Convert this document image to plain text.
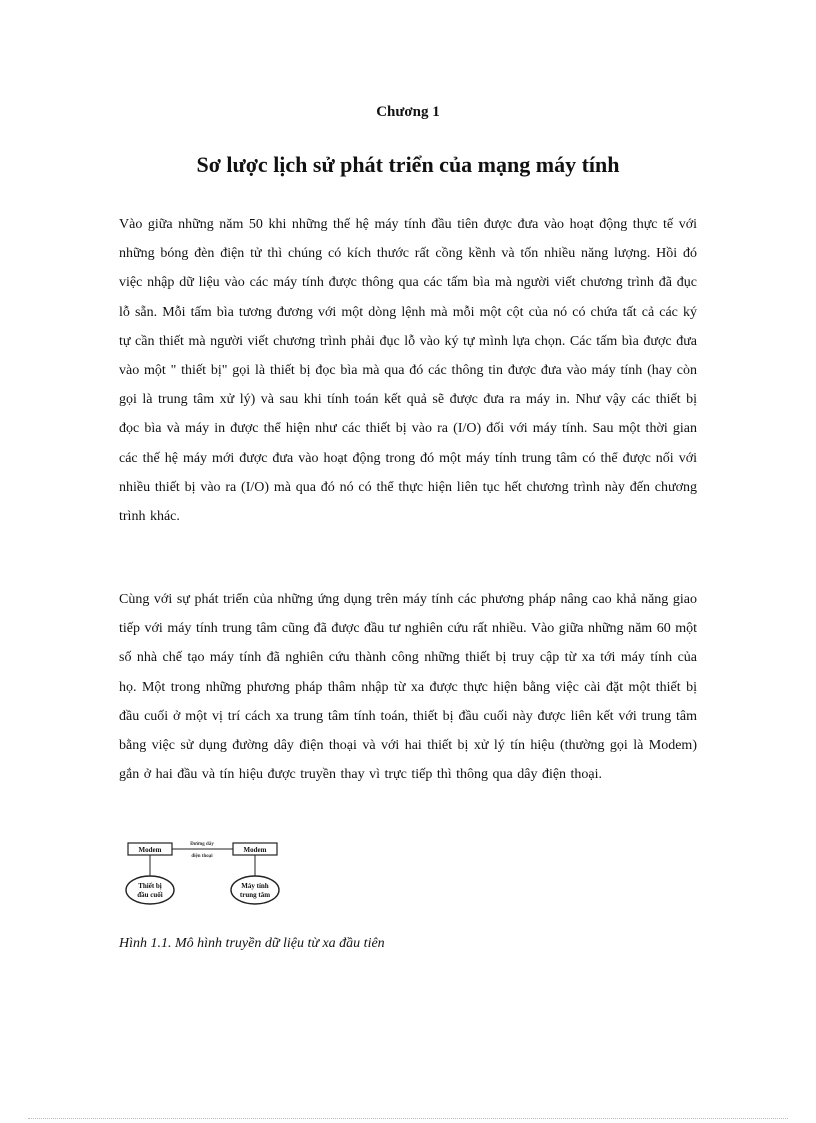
Chương 1

Sơ lược lịch sử phát triển của mạng máy tính

Vào giữa những năm 50 khi những thế hệ máy tính đầu tiên được đưa vào hoạt động thực tế với những bóng đèn điện tử thì chúng có kích thước rất cồng kềnh và tốn nhiều năng lượng. Hồi đó việc nhập dữ liệu vào các máy tính được thông qua các tấm bìa mà người viết chương trình đã đục lỗ sẵn. Mỗi tấm bìa tương đương với một dòng lệnh mà mỗi một cột của nó có chứa tất cả các ký tự cần thiết mà người viết chương trình phải đục lỗ vào ký tự mình lựa chọn. Các tấm bìa được đưa vào một " thiết bị" gọi là thiết bị đọc bìa mà qua đó các thông tin được đưa vào máy tính (hay còn gọi là trung tâm xử lý) và sau khi tính toán kết quả sẽ được đưa ra máy in. Như vậy các thiết bị đọc bìa và máy in được thể hiện như các thiết bị vào ra (I/O) đối với máy tính. Sau một thời gian các thế hệ máy mới được đưa vào hoạt động trong đó một máy tính trung tâm có thể được nối với nhiều thiết bị vào ra (I/O) mà qua đó nó có thể thực hiện liên tục hết chương trình này đến chương trình khác.

Cùng với sự phát triển của những ứng dụng trên máy tính các phương pháp nâng cao khả năng giao tiếp với máy tính trung tâm cũng đã được đầu tư nghiên cứu rất nhiều. Vào giữa những năm 60 một số nhà chế tạo máy tính đã nghiên cứu thành công những thiết bị truy cập từ xa tới máy tính của họ. Một trong những phương pháp thâm nhập từ xa được thực hiện bằng việc cài đặt một thiết bị đầu cuối ở một vị trí cách xa trung tâm tính toán, thiết bị đầu cuối này được liên kết với trung tâm bằng việc sử dụng đường dây điện thoại và với hai thiết bị xử lý tín hiệu (thường gọi là Modem) gắn ở hai đầu và tín hiệu được truyền thay vì trực tiếp thì thông qua dây điện thoại.

Modem	Modem
Đường dây
điện thoại
Thiết bị
đầu cuối
Máy tính
trung tâm

Hình 1.1. Mô hình truyền dữ liệu từ xa đầu tiên
